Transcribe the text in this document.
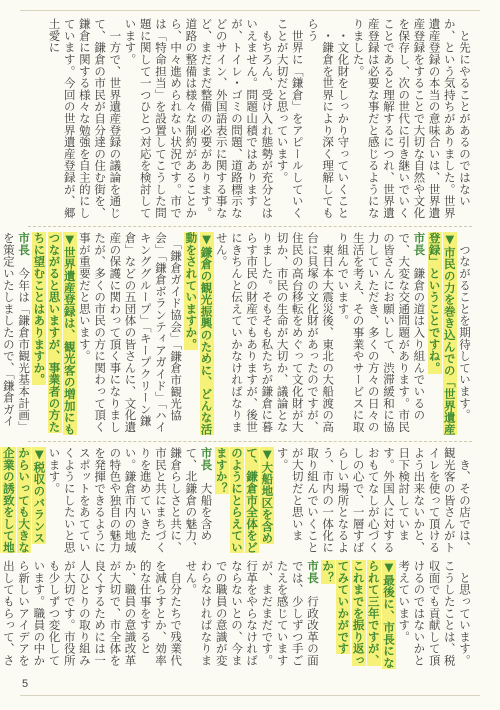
　と先にやることがあるのではないか、という気持ちがありました。世界遺産登録の本当の意味合いは、世界遺産登録をすることで大切な自然や文化を保存し、次の世代に引き継いでいくことであると理解するにつれ、世界遺産登録は必要な事だと感じるようになりました。

　・文化財をしっかり守っていくこと

　・鎌倉を世界により深く理解してもらう

　世界に「鎌倉」をアピールしていくことが大切だと思っています。

　もちろん、受け入れ態勢が充分とはいえません。問題山積ではありますが、トイレ・ゴミの問題、道路標示などのサイン、外国語表示に関する事など、まだまだ整備の必要があります。道路の整備は様々な制約があることから、中々進められない状況です。市では「特命担当」を設置してこうした問題に関して一つひとつ対応を検討しています。

　一方で、世界遺産登録の議論を通じて、鎌倉の市民が自分達の住む街を、鎌倉に関する様々な勉強を自主的にしています。今回の世界遺産登録が、郷土愛に

　つながることを期待しています。

▼市民の力を巻き込んでの「世界遺産登録」ということですね。

市長　鎌倉の道は入り組んでいるので、大変な交通問題があります。市民の皆さんにお願いして、渋滞緩和に協力していただき、多くの方々の日々の生活を考え、その事業やサービスに取り組んでいます。

　東日本大震災後、東北の大船渡の高台に貝塚の文化財があったのですが、住民の高台移転をめぐって文化財が大切か、市民の生命が大切か、議論となりました。そもそも私たちが鎌倉に暮らす市民の財産でもありますが、後世にきちんと伝えていかなければなりません。

▼鎌倉の観光振興のために、どんな活動をされていますか。

　「鎌倉ガイド協会」「鎌倉市観光協会」「鎌倉ボランティアガイド」「ハイキンググループ」「キープクリーン鎌倉」などの五団体の皆さんに、文化遺産の保護に関わって頂く事になりましたが、多くの市民の方に関わって頂く事が重要だと思います。

▼世界遺産登録は、観光客の増加にもつながると思いますが、事業者の方たちに望むことはありますか。

市長　今年は「鎌倉市観光基本計画」を策定いたしましたので、「鎌倉ガイ

　き、その店では、観光客の皆さんがトイレを使って頂けるよう出来ないかと、日下検討しています。外国人に対するおもてなしが心づくしの心で、一層すばらしい場所となるよう、市内の一体化に取り組んでいくことが大切だと思います。

▼大船地区を含めて、鎌倉市全体をどのようにとらえていますか？

市長　大船を含めて、北鎌倉の魅力、鎌倉らしさと共に、市民と共にまちづくりを進めていきたい。鎌倉市内の地域の特色や独自の魅力を発揮できるようにスポットをあてていくようにしたいと思います。

▼税収のバランスからいっても大きな企業の誘致をして地

　と思っています。こうしたことは、税収面でも貢献して頂けるのではないかと考えています。

▼最後に、市長になられて三年ですが、これまでを振り返ってみていかがですか？

市長　行政改革の面では、少しずつ手ごたえを感じていますが、まだまだです。行革をやらなければならないとの、今までの職員の意識が変わらなければなりません。

　自分たちで残業代を減らすとか、効率的な仕事をするとか、職員の意識改革が大切で、市全体を良くするためには一人ひとりの取り組みが大切です。市役所も少しずつ変化しています。職員の中から新しいアイデアを出してもらって、さ

5
